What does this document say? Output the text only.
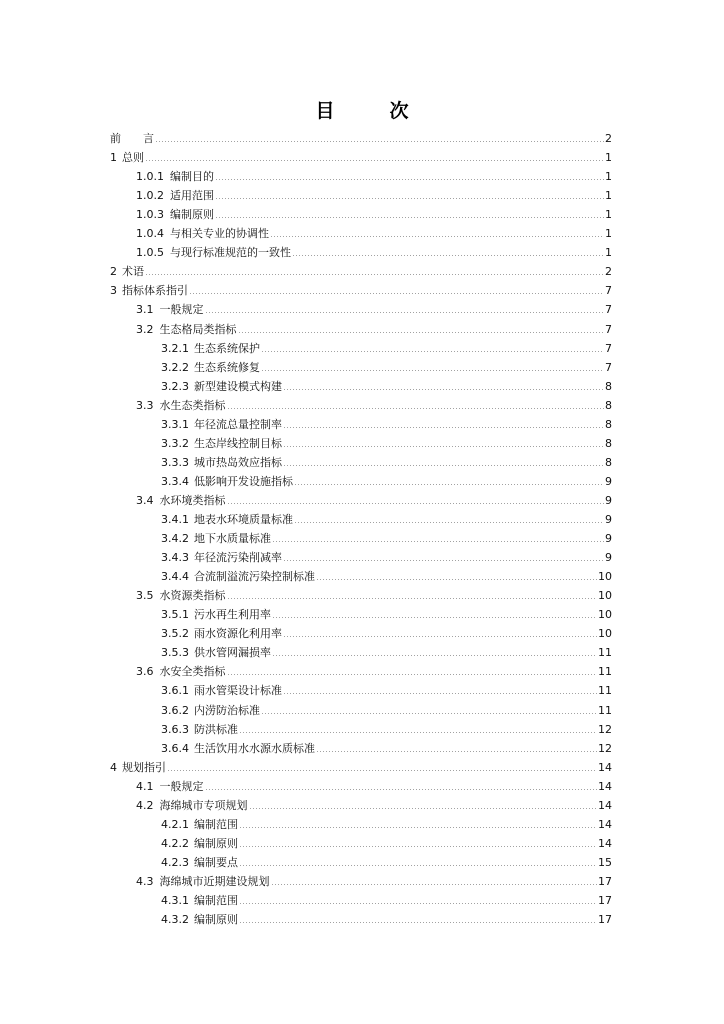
目　次
前　　言	2
1 总则	1
1.0.1 编制目的	1
1.0.2 适用范围	1
1.0.3 编制原则	1
1.0.4 与相关专业的协调性	1
1.0.5 与现行标准规范的一致性	1
2 术语	2
3 指标体系指引	7
3.1 一般规定	7
3.2 生态格局类指标	7
3.2.1 生态系统保护	7
3.2.2 生态系统修复	7
3.2.3 新型建设模式构建	8
3.3 水生态类指标	8
3.3.1 年径流总量控制率	8
3.3.2 生态岸线控制目标	8
3.3.3 城市热岛效应指标	8
3.3.4 低影响开发设施指标	9
3.4 水环境类指标	9
3.4.1 地表水环境质量标准	9
3.4.2 地下水质量标准	9
3.4.3 年径流污染削减率	9
3.4.4 合流制溢流污染控制标准	10
3.5 水资源类指标	10
3.5.1 污水再生利用率	10
3.5.2 雨水资源化利用率	10
3.5.3 供水管网漏损率	11
3.6 水安全类指标	11
3.6.1 雨水管渠设计标准	11
3.6.2 内涝防治标准	11
3.6.3 防洪标准	12
3.6.4 生活饮用水水源水质标准	12
4 规划指引	14
4.1 一般规定	14
4.2 海绵城市专项规划	14
4.2.1 编制范围	14
4.2.2 编制原则	14
4.2.3 编制要点	15
4.3 海绵城市近期建设规划	17
4.3.1 编制范围	17
4.3.2 编制原则	17
